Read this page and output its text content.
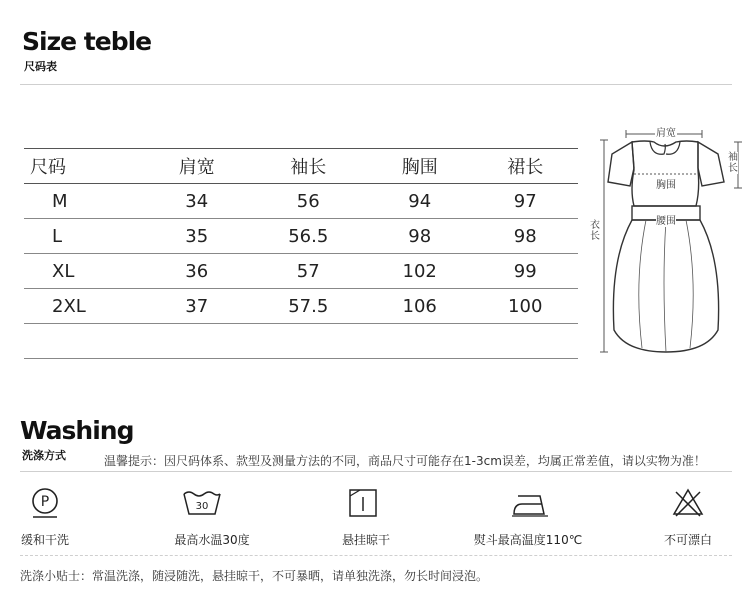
Size teble
尺码表
尺码	肩宽	袖长	胸围	裙长
M	34	56	94	97
L	35	56.5	98	98
XL	36	57	102	99
2XL	37	57.5	106	100

肩宽
袖长
胸围
腰围
衣长
Washing
洗涤方式	温馨提示：因尺码体系、款型及测量方法的不同，商品尺寸可能存在1-3cm误差，均属正常差值，请以实物为准！
P	30
缓和干洗	最高水温30度	悬挂晾干	熨斗最高温度110℃	不可漂白
洗涤小贴士：常温洗涤，随浸随洗，悬挂晾干，不可暴晒，请单独洗涤，勿长时间浸泡。
